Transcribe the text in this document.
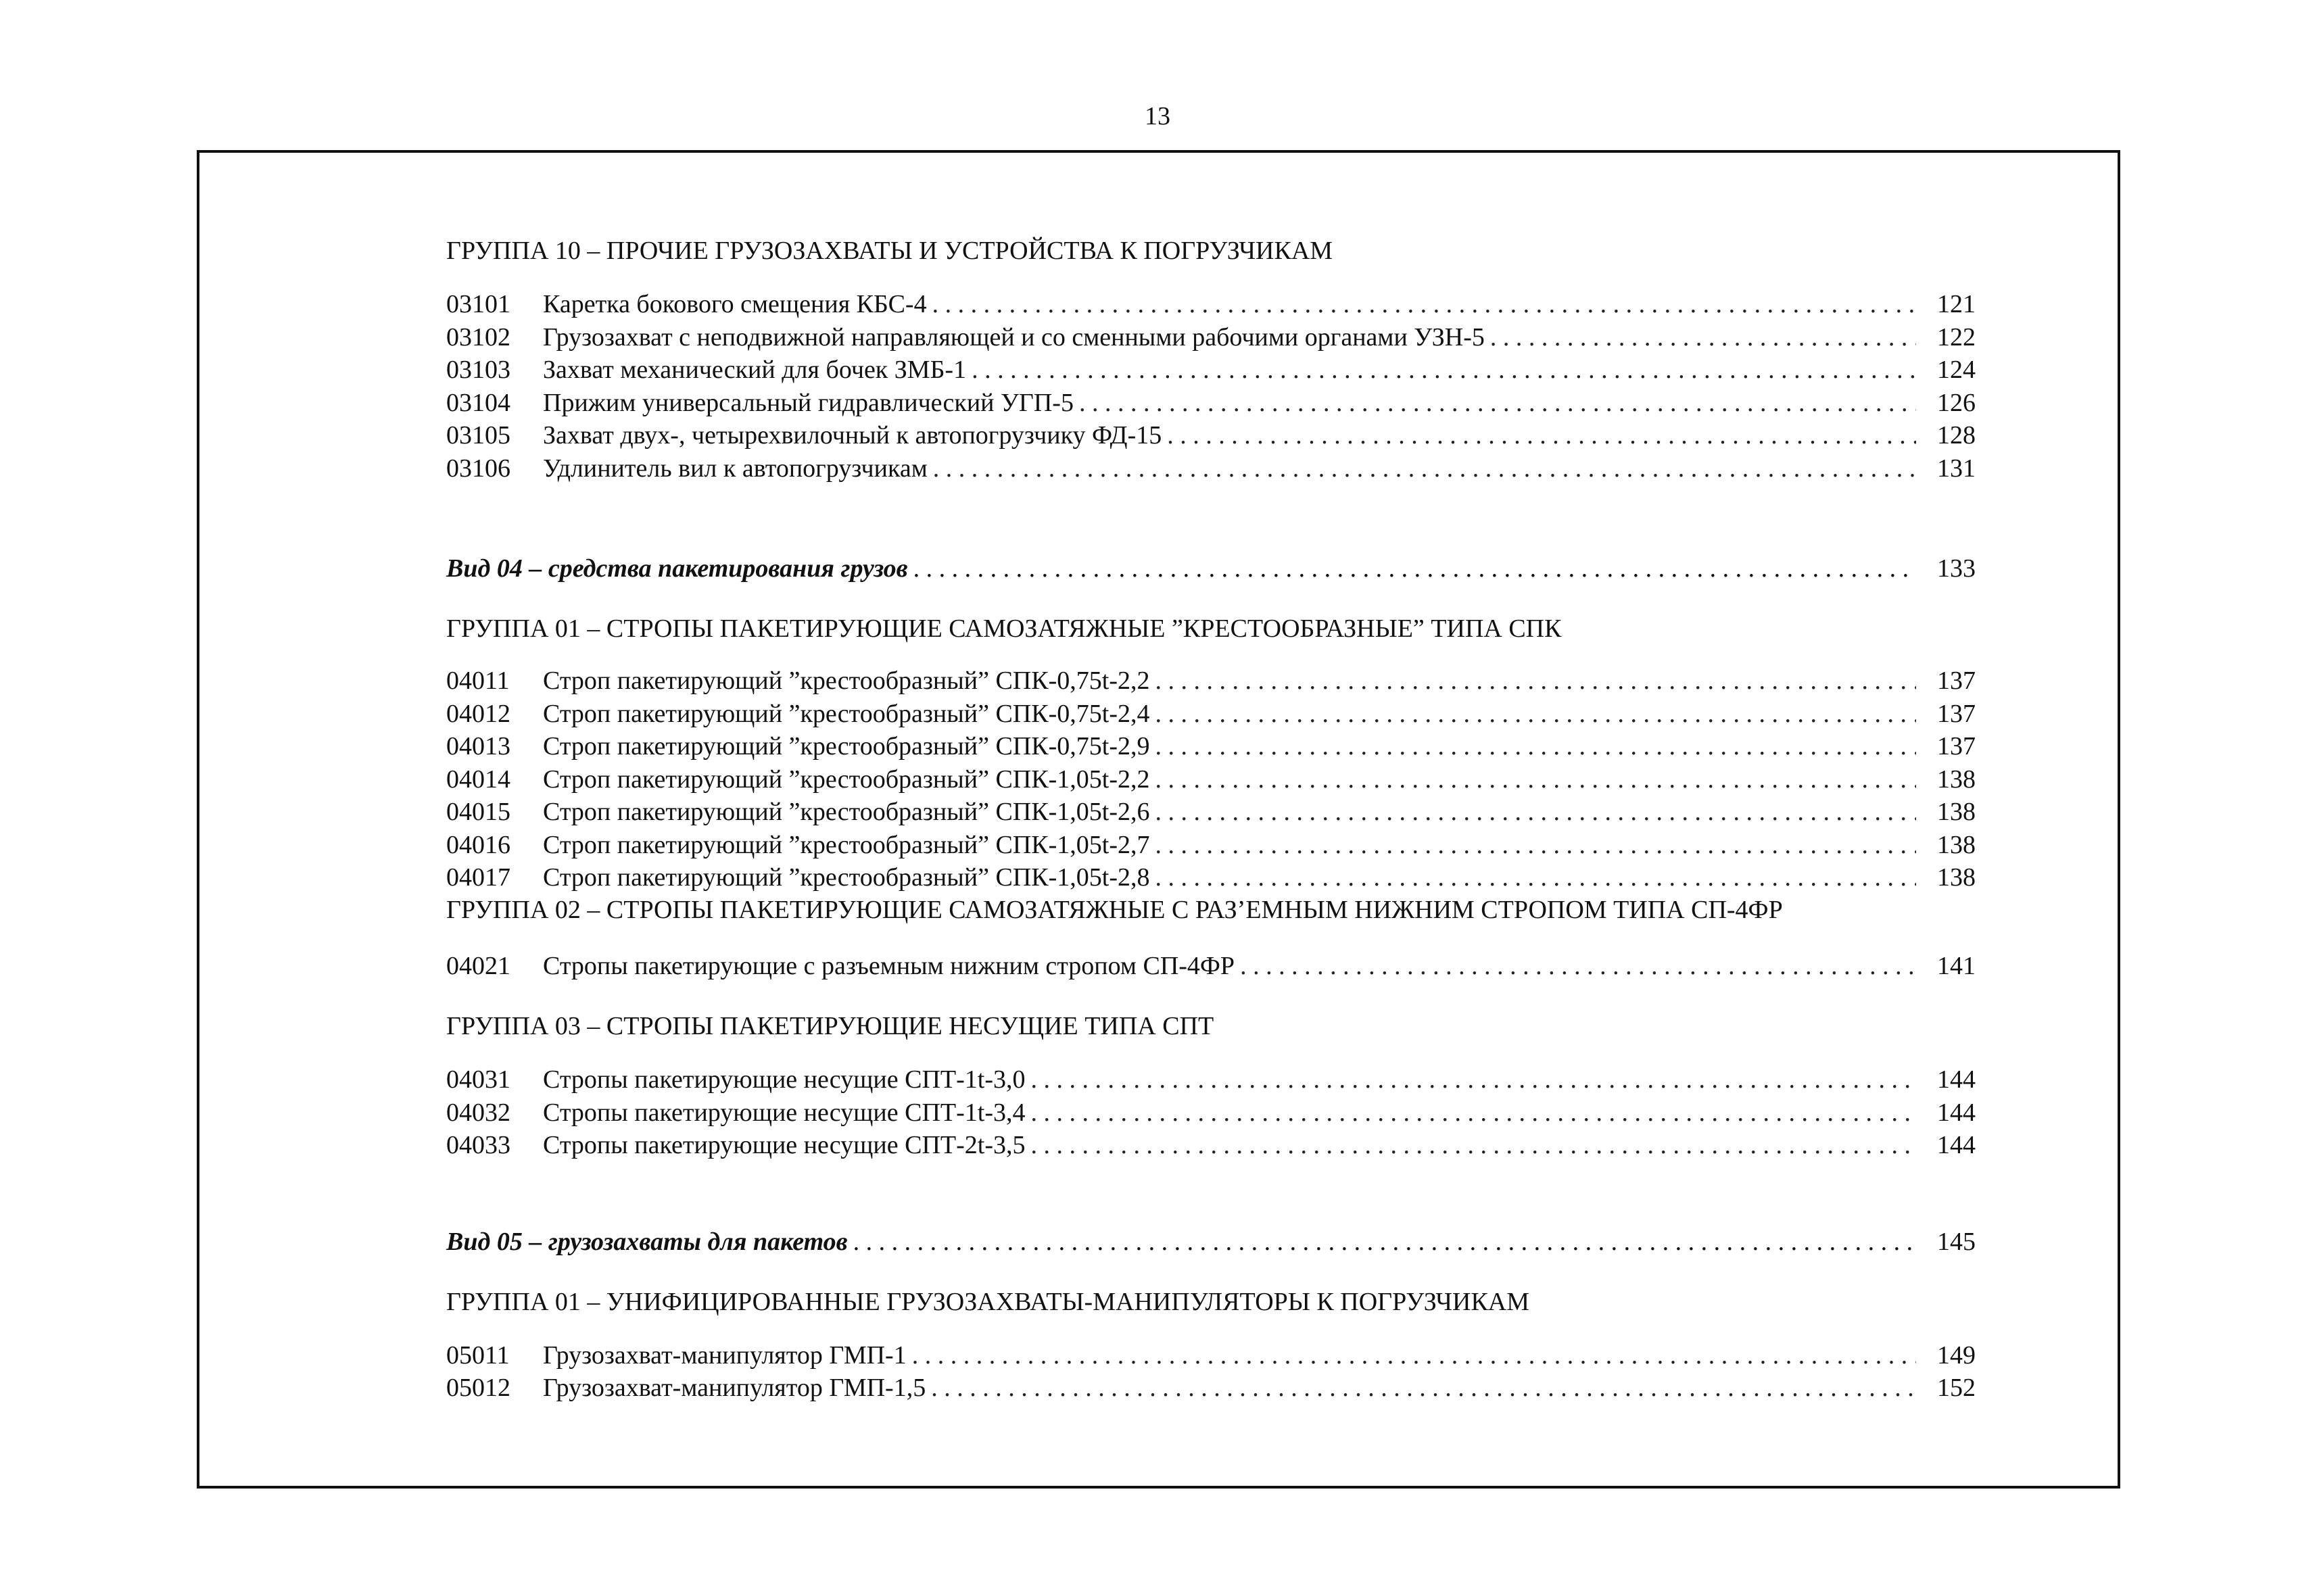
13

ГРУППА 10 – ПРОЧИЕ ГРУЗОЗАХВАТЫ И УСТРОЙСТВА К ПОГРУЗЧИКАМ

03101	Каретка бокового смещения КБС-4 . . .	121
03102	Грузозахват с неподвижной направляющей и со сменными рабочими органами УЗН-5 . . .	122
03103	Захват механический для бочек ЗМБ-1 . . .	124
03104	Прижим универсальный гидравлический УГП-5 . . .	126
03105	Захват двух-, четырехвилочный к автопогрузчику ФД-15 . . .	128
03106	Удлинитель вил к автопогрузчикам . . .	131
Вид 04 – средства пакетирования грузов . . .	133

ГРУППА 01 – СТРОПЫ ПАКЕТИРУЮЩИЕ САМОЗАТЯЖНЫЕ ”КРЕСТООБРАЗНЫЕ” ТИПА СПК

04011	Строп пакетирующий ”крестообразный” СПК-0,75t-2,2 . . .	137
04012	Строп пакетирующий ”крестообразный” СПК-0,75t-2,4 . . .	137
04013	Строп пакетирующий ”крестообразный” СПК-0,75t-2,9 . . .	137
04014	Строп пакетирующий ”крестообразный” СПК-1,05t-2,2 . . .	138
04015	Строп пакетирующий ”крестообразный” СПК-1,05t-2,6 . . .	138
04016	Строп пакетирующий ”крестообразный” СПК-1,05t-2,7 . . .	138
04017	Строп пакетирующий ”крестообразный” СПК-1,05t-2,8 . . .	138

ГРУППА 02 – СТРОПЫ ПАКЕТИРУЮЩИЕ САМОЗАТЯЖНЫЕ С РАЗ’ЕМНЫМ НИЖНИМ СТРОПОМ ТИПА СП-4ФР

04021	Стропы пакетирующие с разъемным нижним стропом СП-4ФР . . .	141

ГРУППА 03 – СТРОПЫ ПАКЕТИРУЮЩИЕ НЕСУЩИЕ ТИПА СПТ

04031	Стропы пакетирующие несущие СПТ-1t-3,0 . . .	144
04032	Стропы пакетирующие несущие СПТ-1t-3,4 . . .	144
04033	Стропы пакетирующие несущие СПТ-2t-3,5 . . .	144
Вид 05 – грузозахваты для пакетов . . .	145

ГРУППА 01 – УНИФИЦИРОВАННЫЕ ГРУЗОЗАХВАТЫ-МАНИПУЛЯТОРЫ К ПОГРУЗЧИКАМ

05011	Грузозахват-манипулятор ГМП-1 . . .	149
05012	Грузозахват-манипулятор ГМП-1,5 . . .	152
